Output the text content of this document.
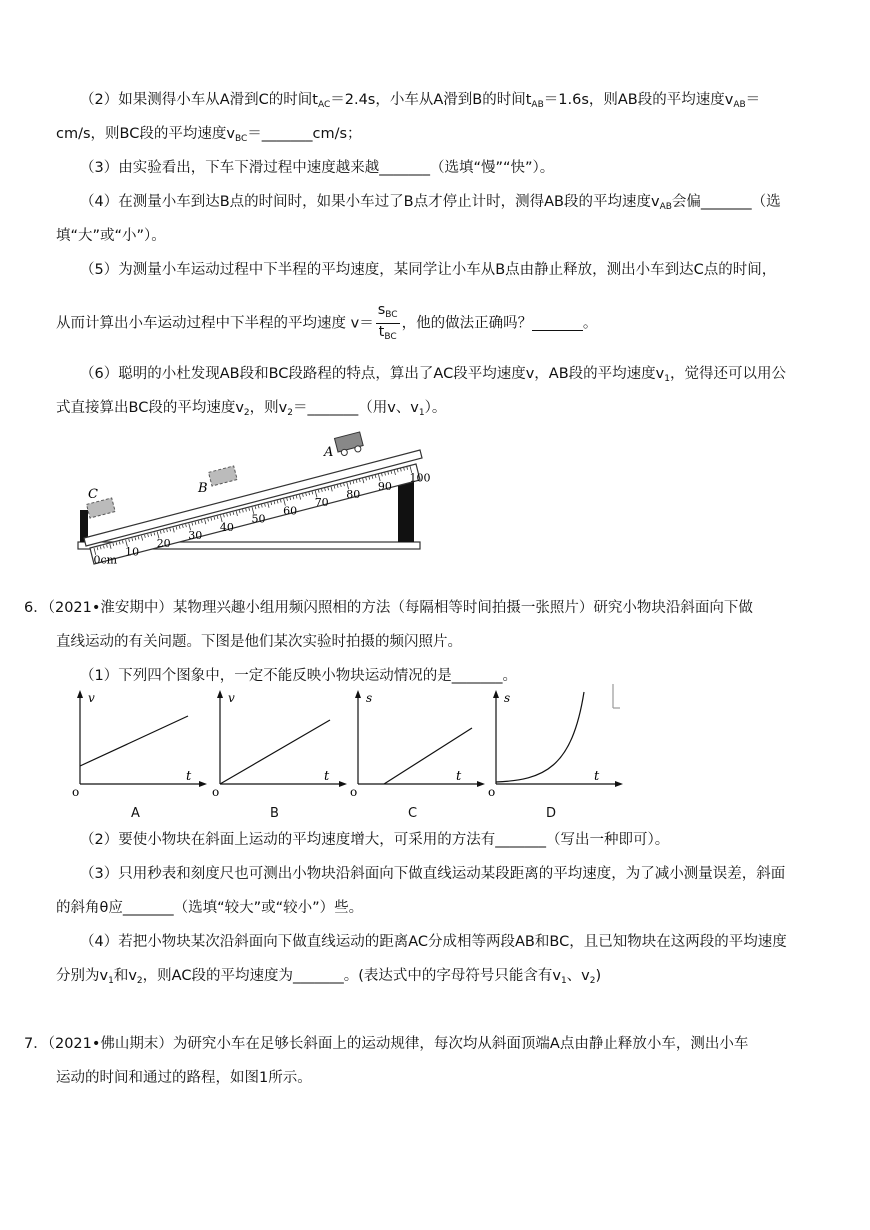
（2）如果测得小车从A滑到C的时间$t_{AC}=2.4s$，小车从A滑到B的时间$t_{AB}=1.6s$，则AB段的平均速度$v_{AB}=$
cm/s，则BC段的平均速度$v_{BC}=\_\_\_\_\_\_\_cm/s$；
（3）由实验看出，下车下滑过程中速度越来越_______（选填“慢”“快”）。
（4）在测量小车到达B点的时间时，如果小车过了B点才停止计时，测得AB段的平均速度$v_{AB}$会偏_______（选
填“大”或“小”）。
（5）为测量小车运动过程中下半程的平均速度，某同学让小车从B点由静止释放，测出小车到达C点的时间，
从而计算出小车运动过程中下半程的平均速度 $v= \frac{s_{BC}}{t_{BC}}$ ，他的做法正确吗？_______。
（6）聪明的小杜发现AB段和BC段路程的特点，算出了AC段平均速度v，AB段的平均速度$v_1$，觉得还可以用公
式直接算出BC段的平均速度$v_2$，则$v_2=\_\_\_\_\_\_\_$（用v、$v_1$）。
A
B
C
0cm
10
20
30
40
50
60
70
80
90
100
6．（2021•淮安期中）某物理兴趣小组用频闪照相的方法（每隔相等时间拍摄一张照片）研究小物块沿斜面向下做
直线运动的有关问题。下图是他们某次实验时拍摄的频闪照片。
（1）下列四个图象中，一定不能反映小物块运动情况的是_______。
v
t
o
v
t
o
s
t
o
s
t
o
A	B	C	D
（2）要使小物块在斜面上运动的平均速度增大，可采用的方法有_______（写出一种即可）。
（3）只用秒表和刻度尺也可测出小物块沿斜面向下做直线运动某段距离的平均速度，为了减小测量误差，斜面
的斜角θ应_______（选填“较大”或“较小”）些。
（4）若把小物块某次沿斜面向下做直线运动的距离AC分成相等两段AB和BC，且已知物块在这两段的平均速度
分别为$v_1$和$v_2$，则AC段的平均速度为_______。(表达式中的字母符号只能含有$v_1$、$v_2$)
7．（2021•佛山期末）为研究小车在足够长斜面上的运动规律，每次均从斜面顶端A点由静止释放小车，测出小车
运动的时间和通过的路程，如图1所示。
